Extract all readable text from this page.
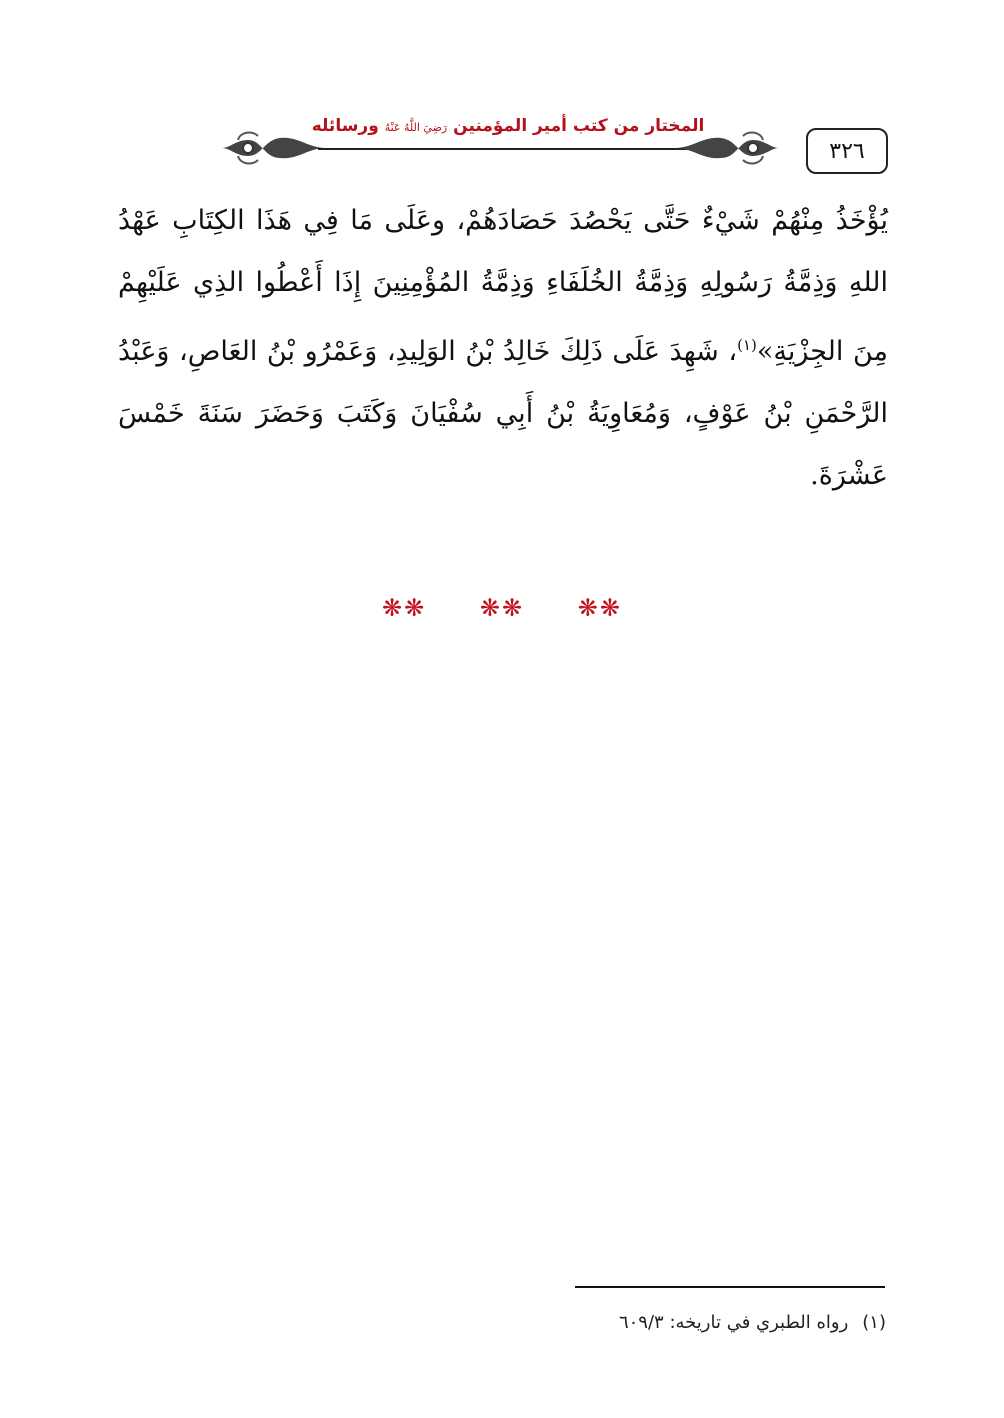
المختار من كتب أمير المؤمنين رَضِيَ اللَّهُ عَنْهُ ورسائله
٣٢٦
يُؤْخَذُ مِنْهُمْ شَيْءٌ حَتَّى يَحْصُدَ حَصَادَهُمْ، وعَلَى مَا فِي هَذَا الكِتَابِ عَهْدُ اللهِ وَذِمَّةُ رَسُولِهِ وَذِمَّةُ الخُلَفَاءِ وَذِمَّةُ المُؤْمِنِينَ إِذَا أَعْطُوا الذِي عَلَيْهِمْ مِنَ الجِزْيَةِ»$^{(١)}$، شَهِدَ عَلَى ذَلِكَ خَالِدُ بْنُ الوَلِيدِ، وَعَمْرُو بْنُ العَاصِ، وَعَبْدُ الرَّحْمَنِ بْنُ عَوْفٍ، وَمُعَاوِيَةُ بْنُ أَبِي سُفْيَانَ وَكَتَبَ وَحَضَرَ سَنَةَ خَمْسَ عَشْرَةَ.
❋❋ ❋❋ ❋❋
(١)رواه الطبري في تاريخه: ٦٠٩/٣
